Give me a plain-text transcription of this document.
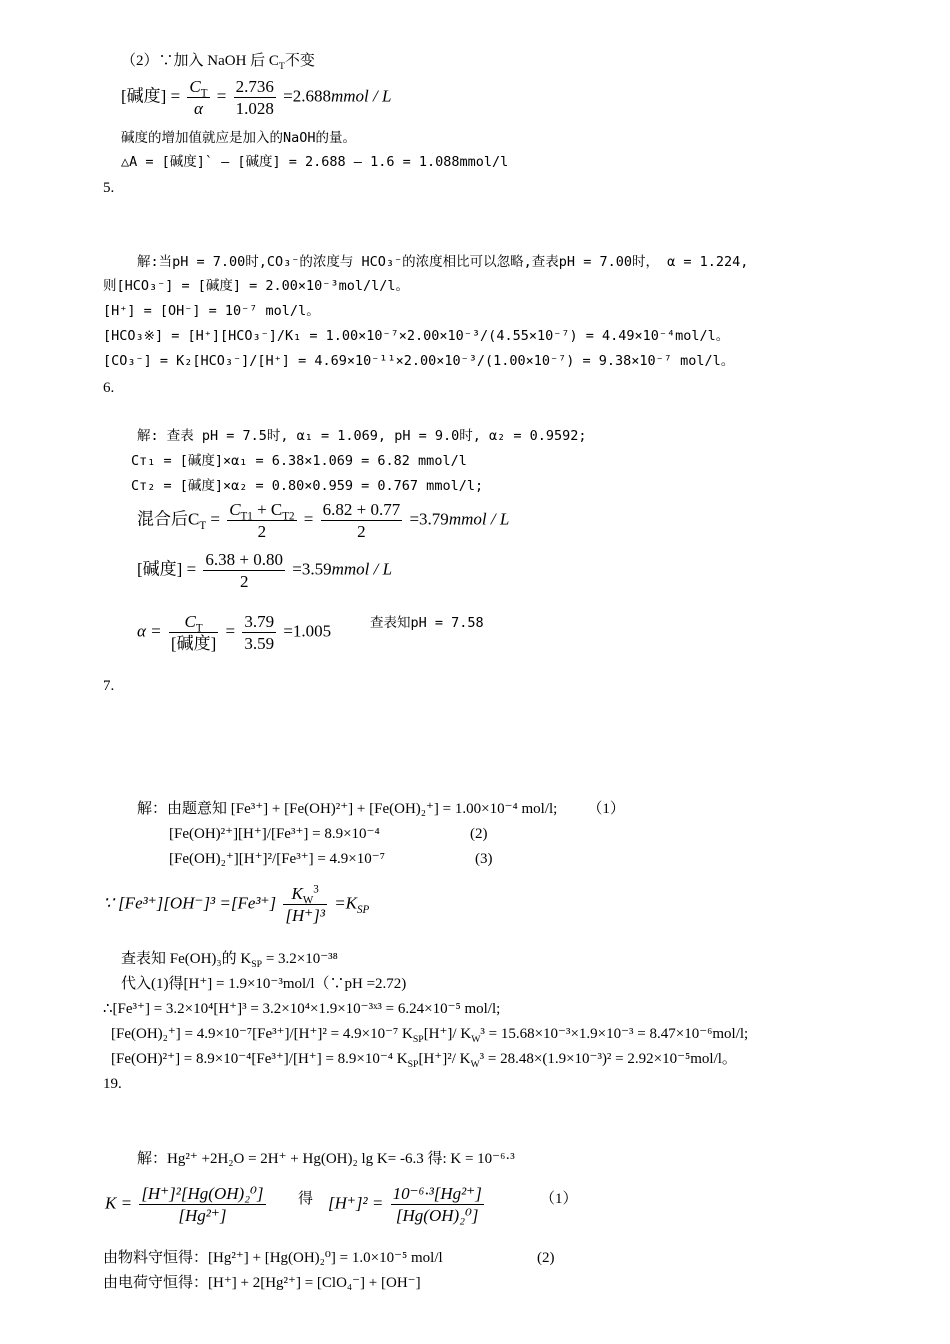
（2）∵加入 NaOH 后 $C_T$不变
[碱度] = $\frac{C_T}{\alpha} = \frac{2.736}{1.028}$ =2.688mmol / L
碱度的增加值就应是加入的NaOH的量。
△A = [碱度]` — [碱度] = 2.688 — 1.6 = 1.088mmol/l
5.
解:当pH = 7.00时,CO₃⁻的浓度与 HCO₃⁻的浓度相比可以忽略,查表pH = 7.00时， α = 1.224,
则[HCO₃⁻] = [碱度] = 2.00×10⁻³mol/l/l。
[H⁺] = [OH⁻] = 10⁻⁷ mol/l。
[HCO₃※] = [H⁺][HCO₃⁻]/K₁ = 1.00×10⁻⁷×2.00×10⁻³/(4.55×10⁻⁷) = 4.49×10⁻⁴mol/l。
[CO₃⁻] = K₂[HCO₃⁻]/[H⁺] = 4.69×10⁻¹¹×2.00×10⁻³/(1.00×10⁻⁷) = 9.38×10⁻⁷ mol/l。
6.
解: 查表 pH = 7.5时, α₁ = 1.069, pH = 9.0时, α₂ = 0.9592;
Cᴛ₁ = [碱度]×α₁ = 6.38×1.069 = 6.82 mmol/l
Cᴛ₂ = [碱度]×α₂ = 0.80×0.959 = 0.767 mmol/l;
混合后$C_T = \frac{C_{T1} + C_{T2}}{2} = \frac{6.82 + 0.77}{2}$ =3.79mmol / L
[碱度] = $\frac{6.38 + 0.80}{2}$ =3.59mmol / L
$\alpha = \frac{C_T}{\text{[碱度]}} = \frac{3.79}{3.59} =1.005$	查表知pH = 7.58
7.
解：由题意知 [Fe³⁺] + [Fe(OH)²⁺] + [Fe(OH)₂⁺] = 1.00×10⁻⁴ mol/l; （1）
[Fe(OH)²⁺][H⁺]/[Fe³⁺] = 8.9×10⁻⁴	(2)
[Fe(OH)₂⁺][H⁺]²/[Fe³⁺] = 4.9×10⁻⁷	(3)
∵ $[Fe^{3+}][OH^-]^3 =[Fe^{3+}] \frac{K_W^3}{\text{[H⁺]³}} =K_{SP}$
查表知 Fe(OH)₃的 $K_{SP} = 3.2\times 10^{-38}$
代入(1)得[H⁺] = 1.9×10⁻³mol/l（∵pH =2.72)
∴[Fe³⁺] = 3.2×10⁴[H⁺]³ = 3.2×10⁴×1.9×10⁻³ˣ³ = 6.24×10⁻⁵ mol/l;
[Fe(OH)₂⁺] = 4.9×10⁻⁷[Fe³⁺]/[H⁺]² = 4.9×10⁻⁷ $K_{SP}[H^+]/$ $K_W^3 = 15.68\times 10^{-3}\times 1.9\times 10^{-3} = 8.47\times 10^{-6}mol/l$;
[Fe(OH)²⁺] = 8.9×10⁻⁴[Fe³⁺]/[H⁺] = 8.9×10⁻⁴ $K_{SP}[H^+]^2/$ $K_W^3 = 28.48\times(1.9\times 10^{-3})^2 = 2.92\times 10^{-5}mol/l$。
19.
解：Hg²⁺ +2H₂O = 2H⁺ + Hg(OH)₂ lg K= -6.3 得: K = 10⁻⁶·³
$K = \frac{\text{[H⁺]²[Hg(OH)₂⁰]}}{\text{[Hg²⁺]}}$ 得 $[H^+]^2 = \frac{\text{10⁻⁶·³[Hg²⁺]}}{\text{[Hg(OH)₂⁰]}}$	（1）
由物料守恒得：[Hg²⁺] + [Hg(OH)₂⁰] = 1.0×10⁻⁵ mol/l	(2)
由电荷守恒得：[H⁺] + 2[Hg²⁺] = [ClO₄⁻] + [OH⁻]
